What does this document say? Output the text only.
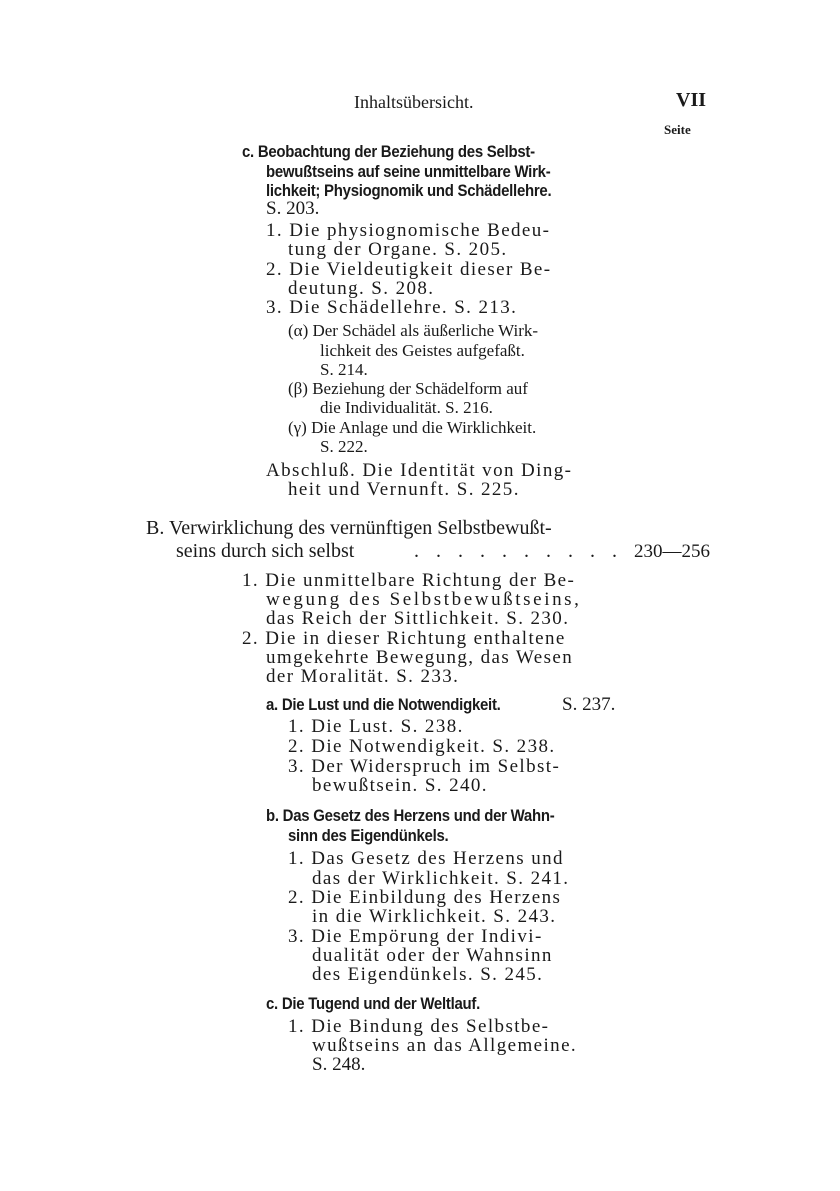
Inhaltsübersicht.	VII
Seite
c. Beobachtung der Beziehung des Selbst-
bewußtseins auf seine unmittelbare Wirk-
lichkeit; Physiognomik und Schädellehre.
S. 203.
1. Die physiognomische Bedeu-
tung der Organe. S. 205.
2. Die Vieldeutigkeit dieser Be-
deutung. S. 208.
3. Die Schädellehre. S. 213.
(α) Der Schädel als äußerliche Wirk-
lichkeit des Geistes aufgefaßt.
S. 214.
(β) Beziehung der Schädelform auf
die Individualität. S. 216.
(γ) Die Anlage und die Wirklichkeit.
S. 222.
Abschluß. Die Identität von Ding-
heit und Vernunft. S. 225.
B. Verwirklichung des vernünftigen Selbstbewußt-
seins durch sich selbst	. . . . . . . . . . 230—256
1. Die unmittelbare Richtung der Be-
wegung des Selbstbewußtseins,
das Reich der Sittlichkeit. S. 230.
2. Die in dieser Richtung enthaltene
umgekehrte Bewegung, das Wesen
der Moralität. S. 233.
a. Die Lust und die Notwendigkeit.	S. 237.
1. Die Lust. S. 238.
2. Die Notwendigkeit. S. 238.
3. Der Widerspruch im Selbst-
bewußtsein. S. 240.
b. Das Gesetz des Herzens und der Wahn-
sinn des Eigendünkels.
1. Das Gesetz des Herzens und
das der Wirklichkeit. S. 241.
2. Die Einbildung des Herzens
in die Wirklichkeit. S. 243.
3. Die Empörung der Indivi-
dualität oder der Wahnsinn
des Eigendünkels. S. 245.
c. Die Tugend und der Weltlauf.
1. Die Bindung des Selbstbe-
wußtseins an das Allgemeine.
S. 248.
